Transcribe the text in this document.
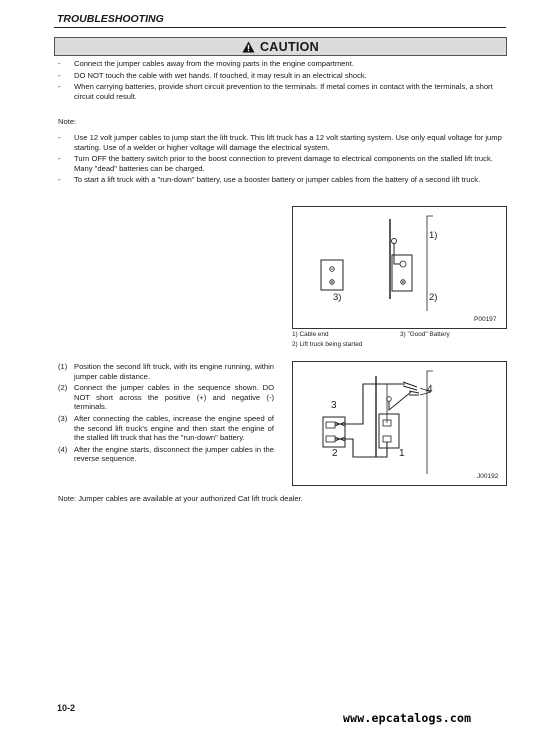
TROUBLESHOOTING
CAUTION
- Connect the jumper cables away from the moving parts in the engine compartment.
- DO NOT touch the cable with wet hands. If touched, it may result in an electrical shock.
- When carrying batteries, provide short circuit prevention to the terminals. If metal comes in contact with the terminals, a short circuit could result.
Note:
- Use 12 volt jumper cables to jump start the lift truck. This lift truck has a 12 volt starting system. Use only equal voltage for jump starting. Use of a welder or higher voltage will damage the electrical system.
- Turn OFF the battery switch prior to the boost connection to prevent damage to electrical components on the stalled lift truck. Many "dead" batteries can be charged.
- To start a lift truck with a "run-down" battery, use a booster battery or jumper cables from the battery of a second lift truck.
1)
2)
3)
P00197
1) Cable end
2) Lift truck being started
3) "Good" Battery
(1) Position the second lift truck, with its engine running, within jumper cable distance.
(2) Connect the jumper cables in the sequence shown. DO NOT short across the positive (+) and negative (-) terminals.
(3) After connecting the cables, increase the engine speed of the second lift truck's engine and then start the engine of the stalled lift truck that has the "run-down" battery.
(4) After the engine starts, disconnect the jumper cables in the reverse sequence.
4
3
2	1
J00192
Note: Jumper cables are available at your authorized Cat lift truck dealer.
10-2
www.epcatalogs.com
